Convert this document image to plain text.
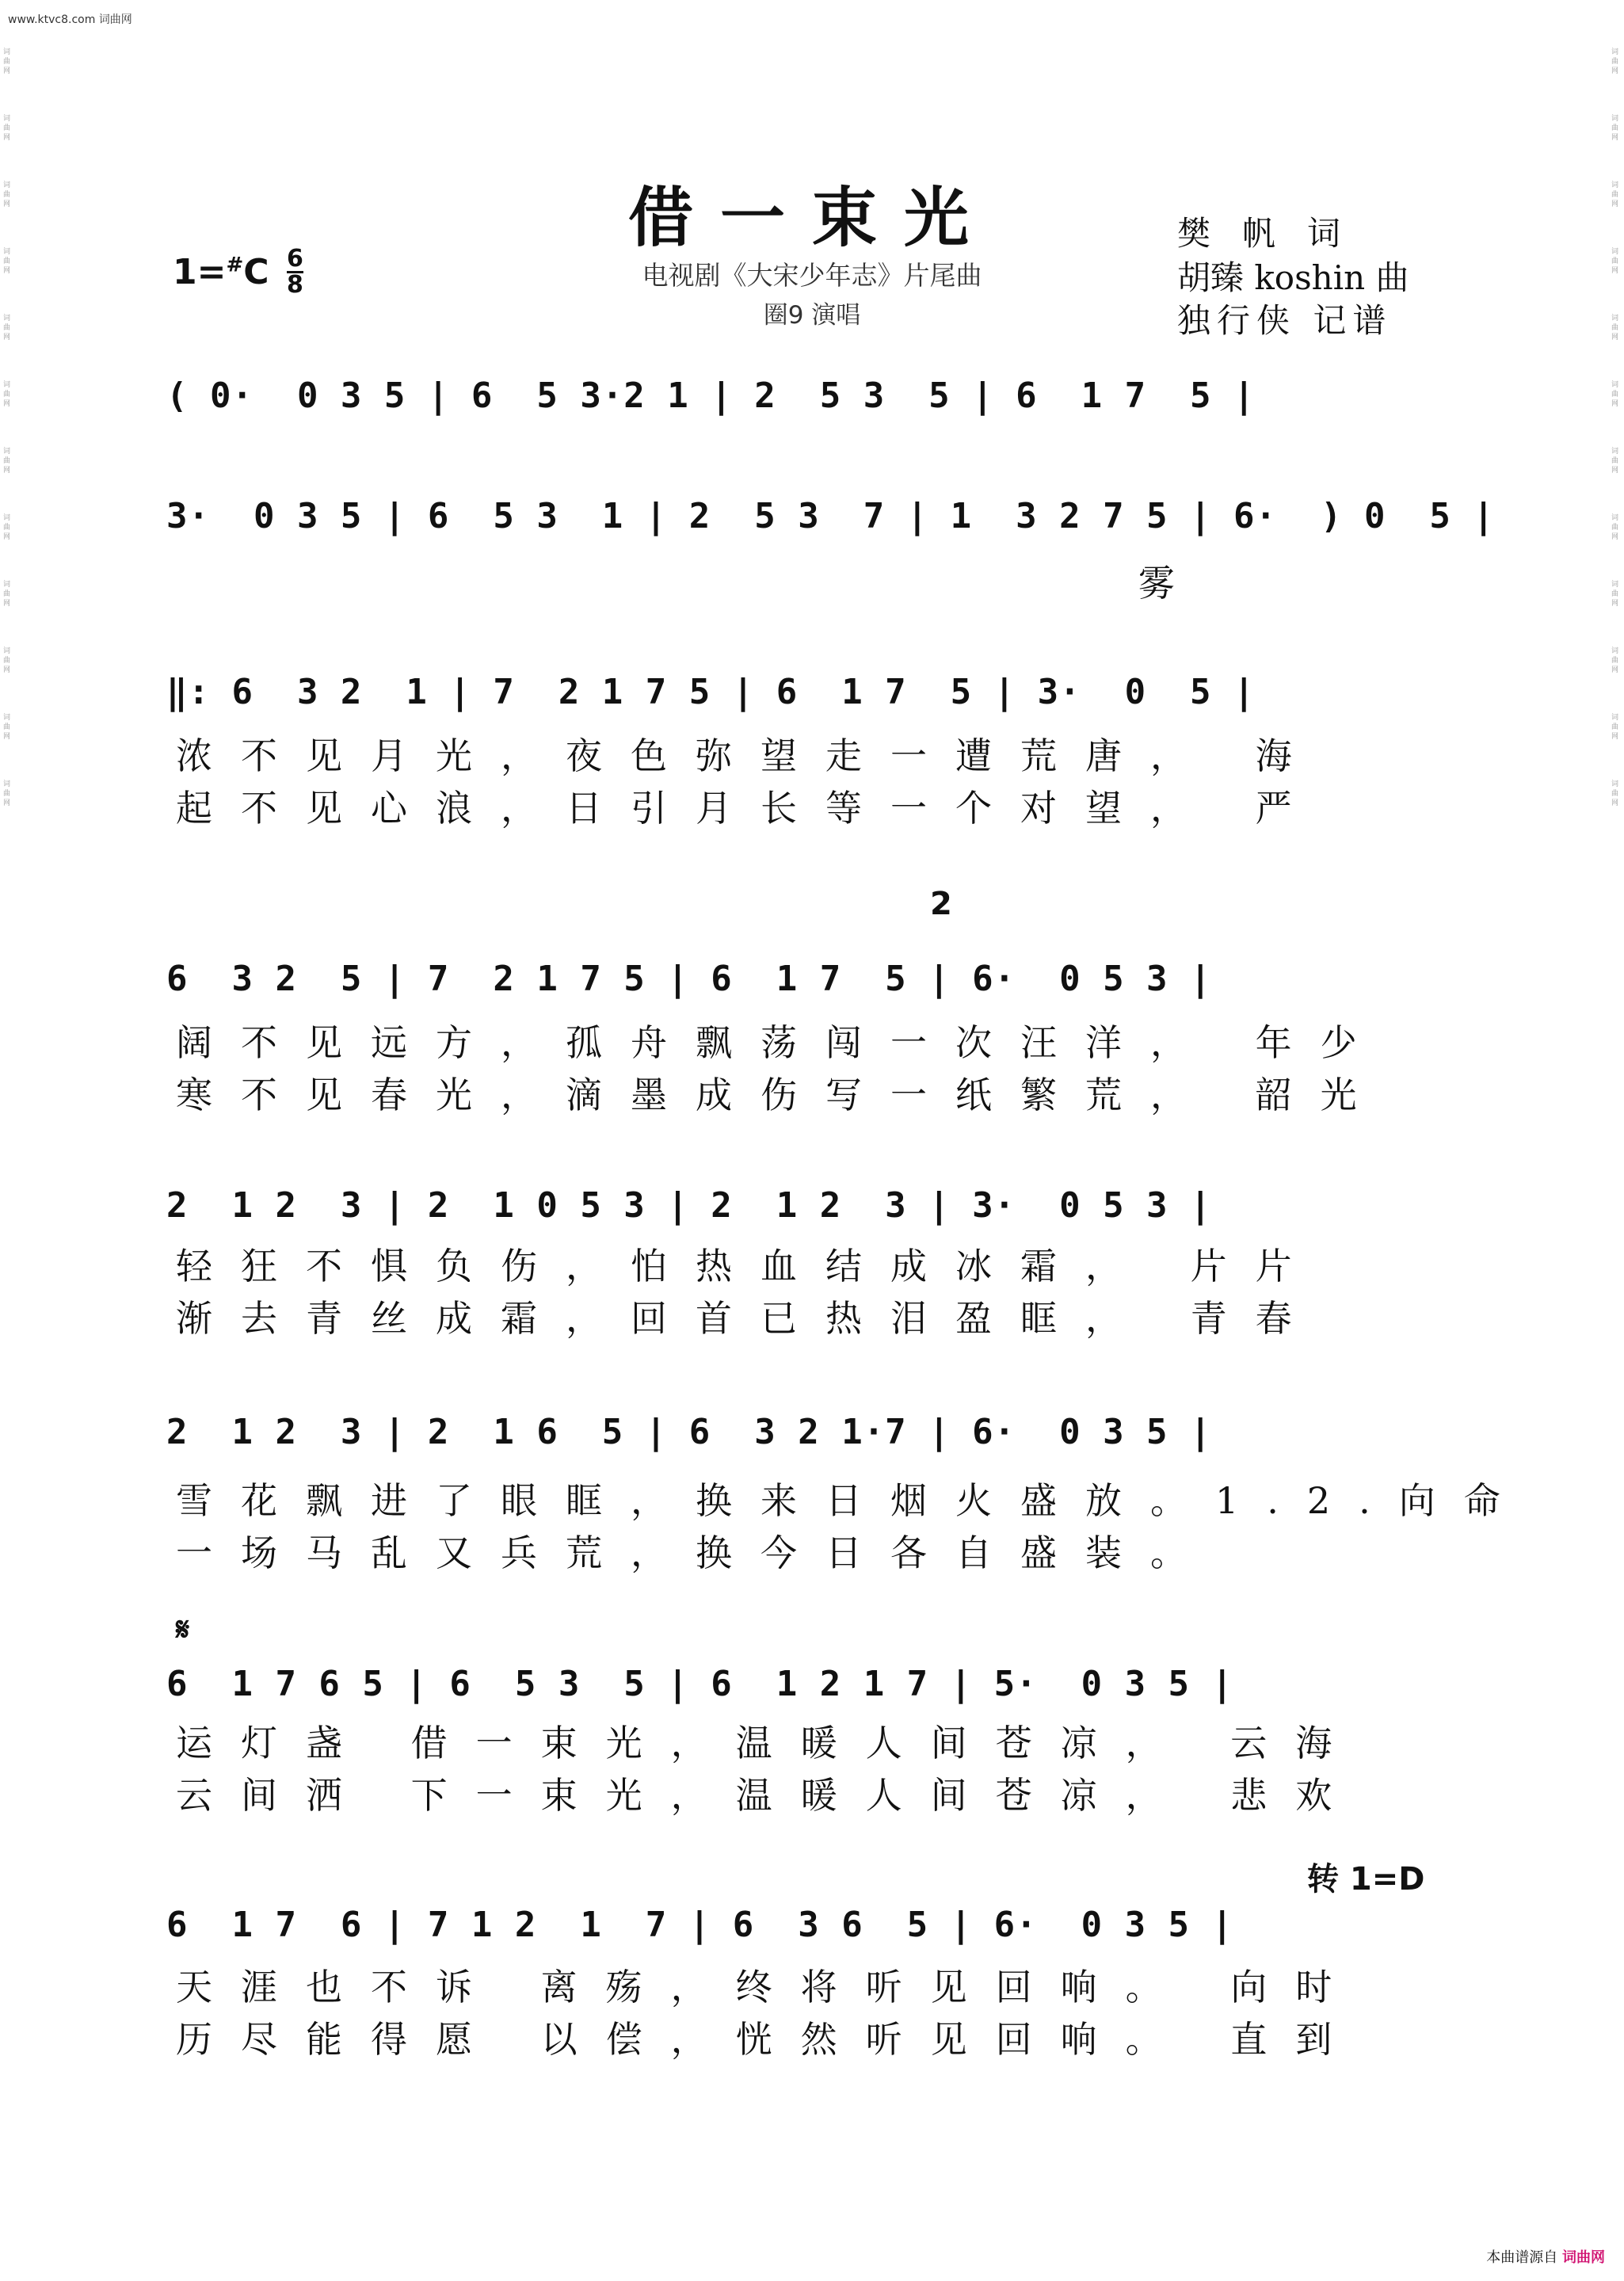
www.ktvc8.com 词曲网
词曲网
词曲网
词曲网
词曲网
词曲网
词曲网
词曲网
词曲网
词曲网
词曲网
词曲网
词曲网
词曲网
词曲网
词曲网
词曲网
词曲网
词曲网
词曲网
词曲网
词曲网
词曲网
词曲网
词曲网
借一束光
电视剧《大宋少年志》片尾曲
圈9 演唱
1=#C 6
8
樊帆词
胡臻 koshin 曲
独行侠 记谱
( 0·  0 3 5 | 6  5 3·2 1 | 2  5 3  5 | 6  1 7  5 |
3·  0 3 5 | 6  5 3  1 | 2  5 3  7 | 1  3 2 7 5 | 6·  ) 0  5 |
雾
‖: 6  3 2  1 | 7  2 1 7 5 | 6  1 7  5 | 3·  0  5 |
浓不见月光，夜色弥望走一遭荒唐， 海
起不见心浪，日引月长等一个对望， 严
2
6  3 2  5 | 7  2 1 7 5 | 6  1 7  5 | 6·  0 5 3 |
阔不见远方，孤舟飘荡闯一次汪洋， 年少
寒不见春光，滴墨成伤写一纸繁荒， 韶光
2  1 2  3 | 2  1 0 5 3 | 2  1 2  3 | 3·  0 5 3 |
轻狂不惧负伤，怕热血结成冰霜， 片片
渐去青丝成霜，回首已热泪盈眶， 青春
2  1 2  3 | 2  1 6  5 | 6  3 2 1·7 | 6·  0 3 5 |
雪花飘进了眼眶，换来日烟火盛放。1.2.向命
一场马乱又兵荒，换今日各自盛装。
𝄋
6  1 7 6 5 | 6  5 3  5 | 6  1 2 1 7 | 5·  0 3 5 |
运灯盏 借一束光，温暖人间苍凉， 云海
云间洒 下一束光，温暖人间苍凉， 悲欢
转 1=D
6  1 7  6 | 7 1 2  1  7 | 6  3 6  5 | 6·  0 3 5 |
天涯也不诉 离殇，终将听见回响。 向时
历尽能得愿 以偿，恍然听见回响。 直到
本曲谱源自 词曲网
